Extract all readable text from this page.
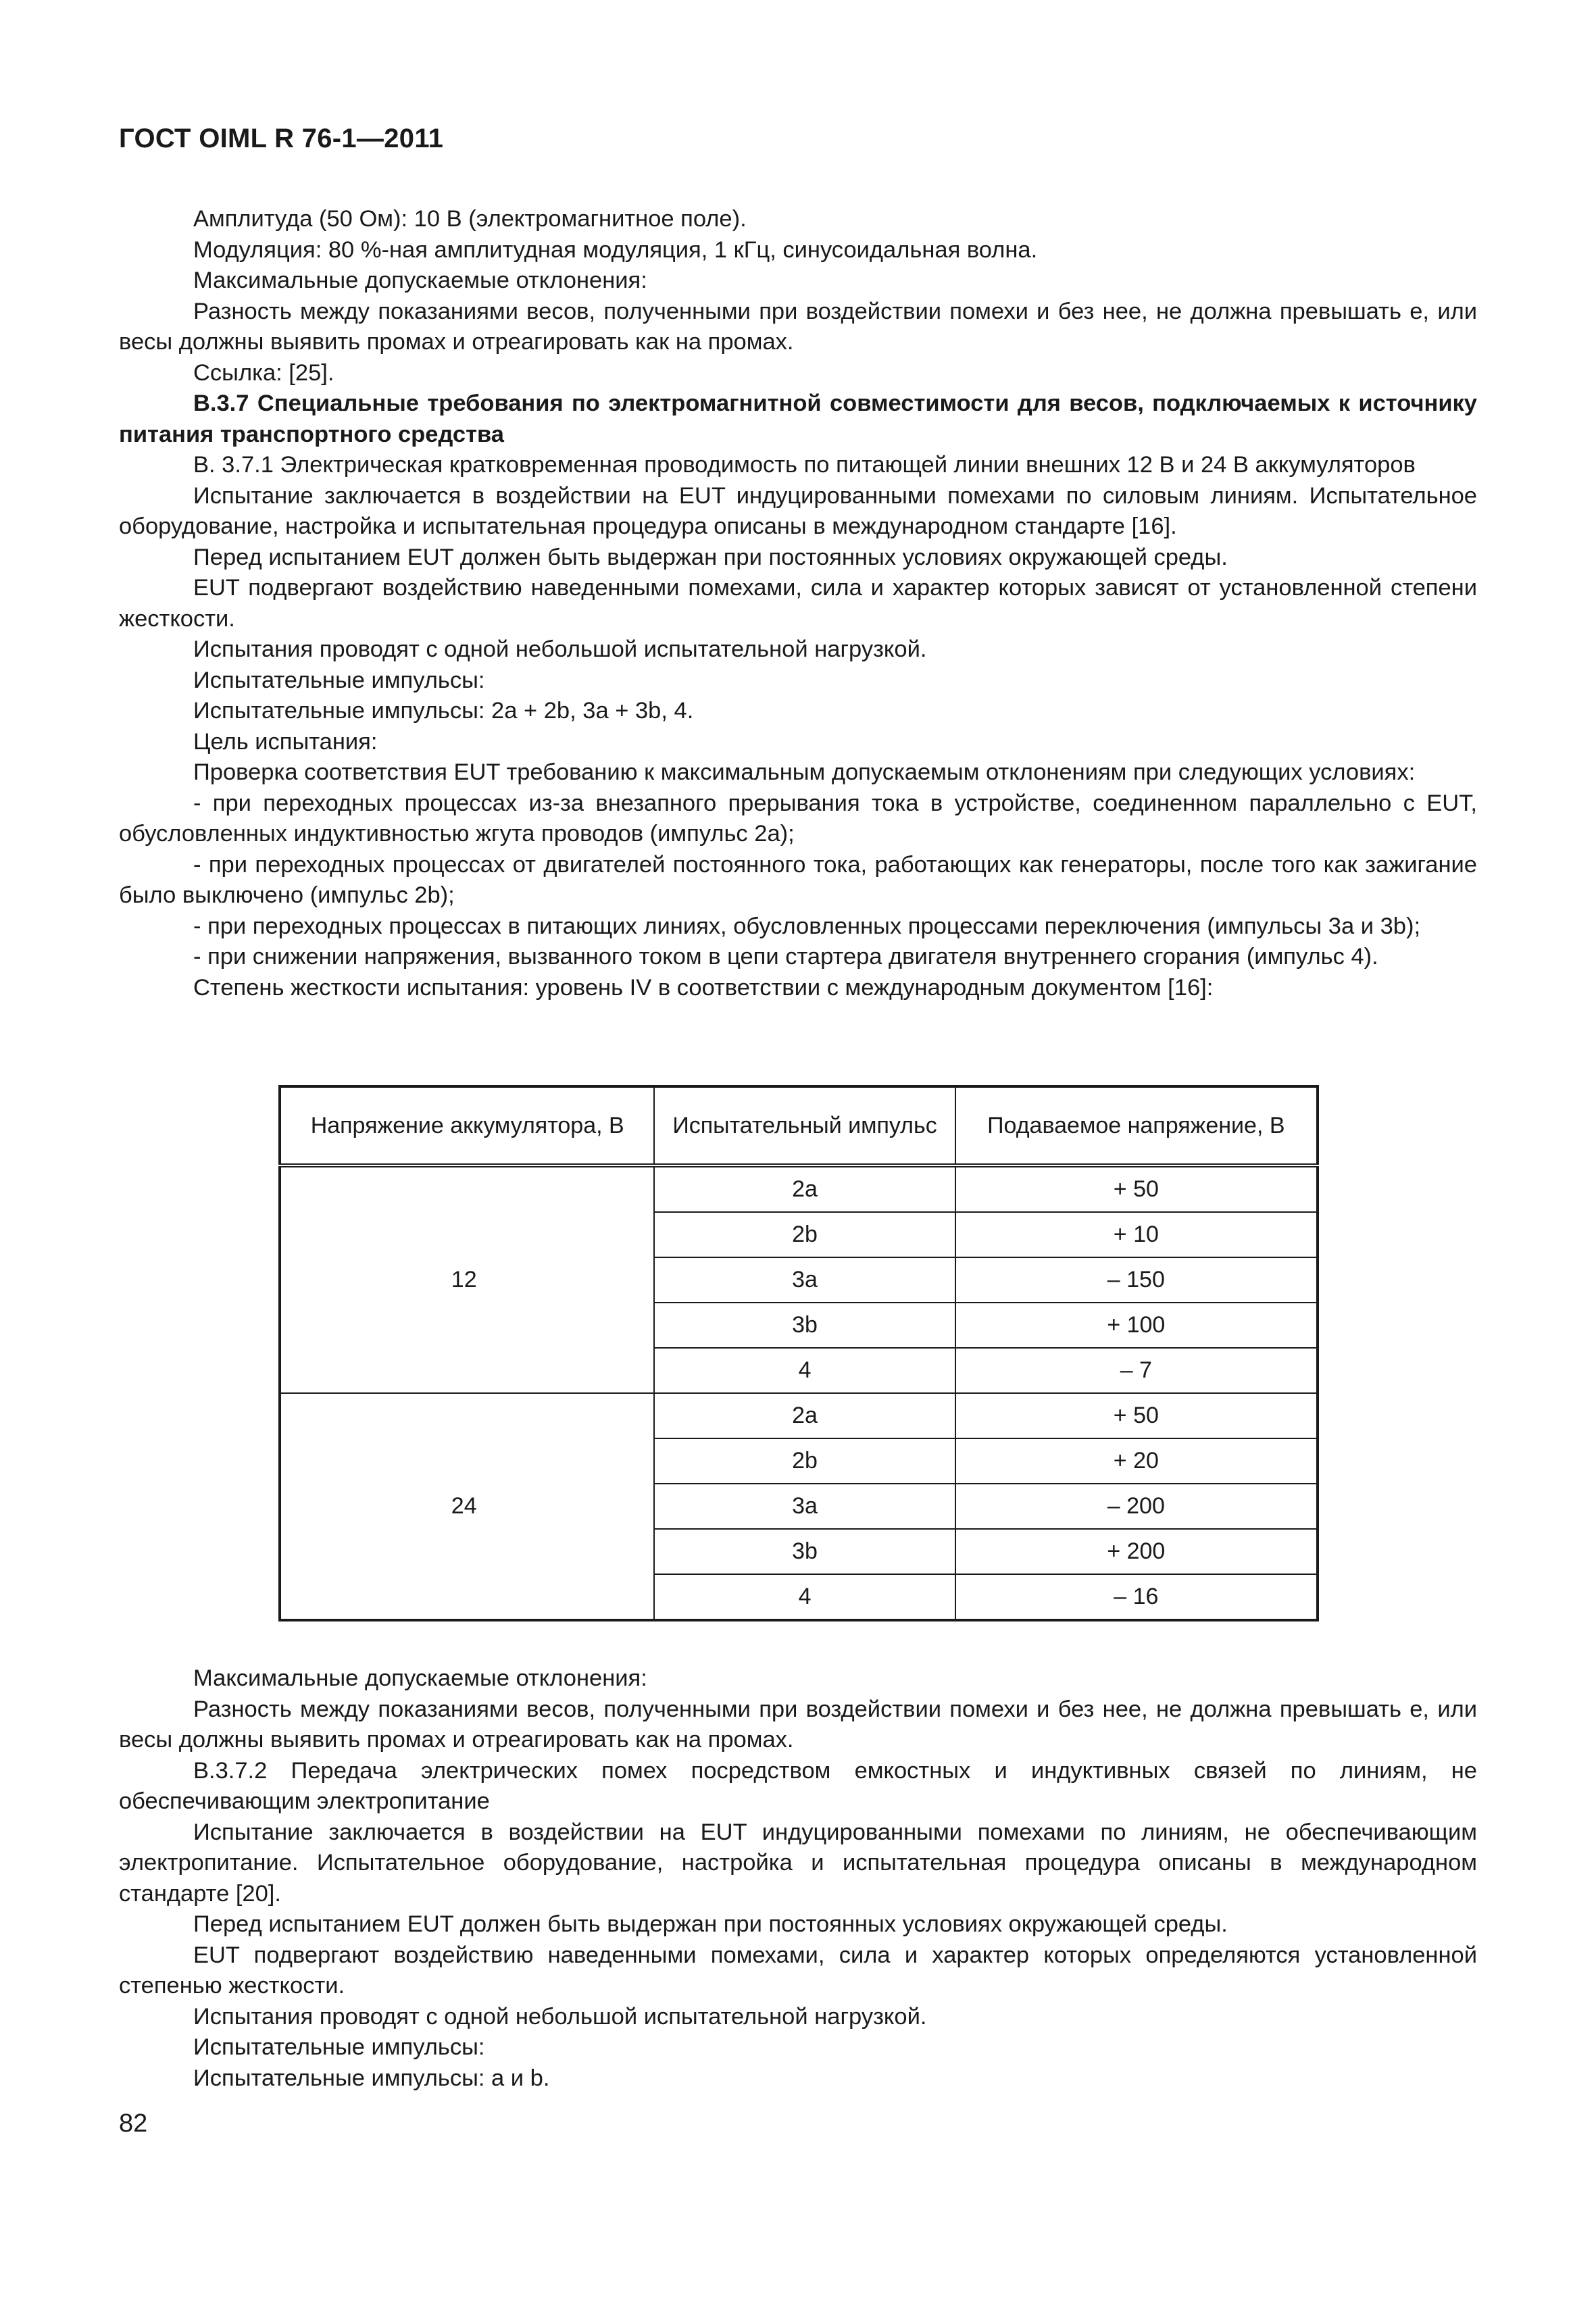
ГОСТ OIML R 76-1—2011

Амплитуда (50 Ом): 10 В (электромагнитное поле).

Модуляция: 80 %-ная амплитудная модуляция, 1 кГц, синусоидальная волна.

Максимальные допускаемые отклонения:

Разность между показаниями весов, полученными при воздействии помехи и без нее, не должна превышать e, или весы должны выявить промах и отреагировать как на промах.

Ссылка: [25].

В.3.7 Специальные требования по электромагнитной совместимости для весов, подключаемых к источнику питания транспортного средства

В. 3.7.1 Электрическая кратковременная проводимость по питающей линии внешних 12 В и 24 В аккумуляторов

Испытание заключается в воздействии на EUT индуцированными помехами по силовым линиям. Испытательное оборудование, настройка и испытательная процедура описаны в международном стандарте [16].

Перед испытанием EUT должен быть выдержан при постоянных условиях окружающей среды.

EUT подвергают воздействию наведенными помехами, сила и характер которых зависят от установленной степени жесткости.

Испытания проводят с одной небольшой испытательной нагрузкой.

Испытательные импульсы:

Испытательные импульсы: 2a + 2b, 3a + 3b, 4.

Цель испытания:

Проверка соответствия EUT требованию к максимальным допускаемым отклонениям при следующих условиях:

- при переходных процессах из-за внезапного прерывания тока в устройстве, соединенном параллельно с EUT, обусловленных индуктивностью жгута проводов (импульс 2а);

- при переходных процессах от двигателей постоянного тока, работающих как генераторы, после того как зажигание было выключено (импульс 2b);

- при переходных процессах в питающих линиях, обусловленных процессами переключения (импульсы 3а и 3b);

- при снижении напряжения, вызванного током в цепи стартера двигателя внутреннего сгорания (импульс 4).

Степень жесткости испытания: уровень IV в соответствии с международным документом [16]:

Напряжение аккумулятора, В	Испытательный импульс	Подаваемое напряжение, В
12	2а	+ 50
	2b	+ 10
	3a	– 150
	3b	+ 100
	4	– 7
24	2a	+ 50
	2b	+ 20
	3a	– 200
	3b	+ 200
	4	– 16

Максимальные допускаемые отклонения:

Разность между показаниями весов, полученными при воздействии помехи и без нее, не должна превышать e, или весы должны выявить промах и отреагировать как на промах.

В.3.7.2 Передача электрических помех посредством емкостных и индуктивных связей по линиям, не обеспечивающим электропитание

Испытание заключается в воздействии на EUT индуцированными помехами по линиям, не обеспечивающим электропитание. Испытательное оборудование, настройка и испытательная процедура описаны в международном стандарте [20].

Перед испытанием EUT должен быть выдержан при постоянных условиях окружающей среды.

EUT подвергают воздействию наведенными помехами, сила и характер которых определяются установленной степенью жесткости.

Испытания проводят с одной небольшой испытательной нагрузкой.

Испытательные импульсы:

Испытательные импульсы: a и b.

82
